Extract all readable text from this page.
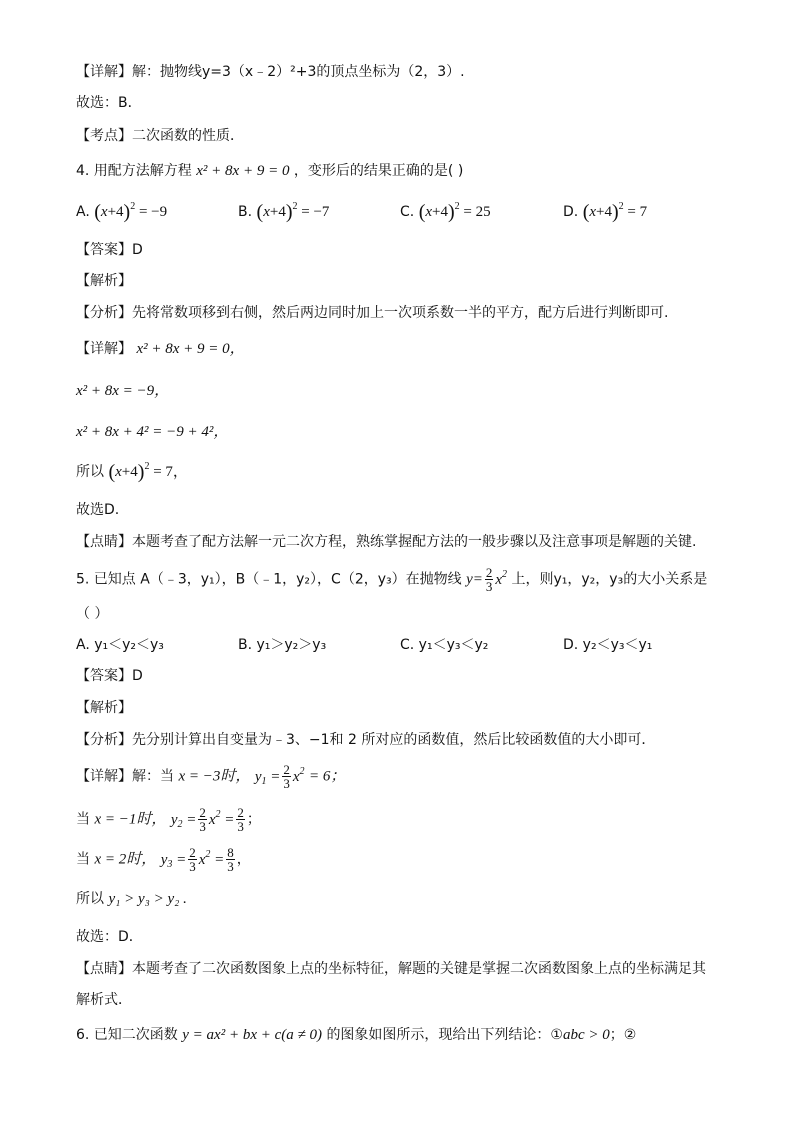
【详解】解：抛物线y=3（x﹣2）²+3的顶点坐标为（2，3）.
故选：B．
【考点】二次函数的性质．
4. 用配方法解方程 x² + 8x + 9 = 0 ，变形后的结果正确的是( )
A. $(x+4)^2 = -9$	B. $(x+4)^2 = -7$	C. $(x+4)^2 = 25$	D. $(x+4)^2 = 7$
【答案】D
【解析】
【分析】先将常数项移到右侧，然后两边同时加上一次项系数一半的平方，配方后进行判断即可.
【详解】 x² + 8x + 9 = 0，
x² + 8x = −9，
x² + 8x + 4² = −9 + 4²，
所以 $(x+4)^2 = 7$，
故选D.
【点睛】本题考查了配方法解一元二次方程，熟练掌握配方法的一般步骤以及注意事项是解题的关键.
5. 已知点 A（﹣3，y₁），B（﹣1，y₂），C（2，y₃）在抛物线 $y= \frac{2}{3} x^2$ 上，则y₁，y₂，y₃的大小关系是
（ ）
A. y₁＜y₂＜y₃	B. y₁＞y₂＞y₃	C. y₁＜y₃＜y₂	D. y₂＜y₃＜y₁
【答案】D
【解析】
【分析】先分别计算出自变量为﹣3、−1和 2 所对应的函数值，然后比较函数值的大小即可．
【详解】解：当 x = −3时， $y_1 = \frac{2}{3} x^2 = 6$；
当 x = −1时， $y_2 = \frac{2}{3} x^2 = \frac{2}{3}$ ；
当 x = 2时， $y_3 = \frac{2}{3} x^2 = \frac{8}{3}$ ，
所以 y₁ > y₃ > y₂ .
故选：D．
【点睛】本题考查了二次函数图象上点的坐标特征，解题的关键是掌握二次函数图象上点的坐标满足其
解析式．
6. 已知二次函数 y = ax² + bx + c(a ≠ 0) 的图象如图所示，现给出下列结论：①abc > 0；②
